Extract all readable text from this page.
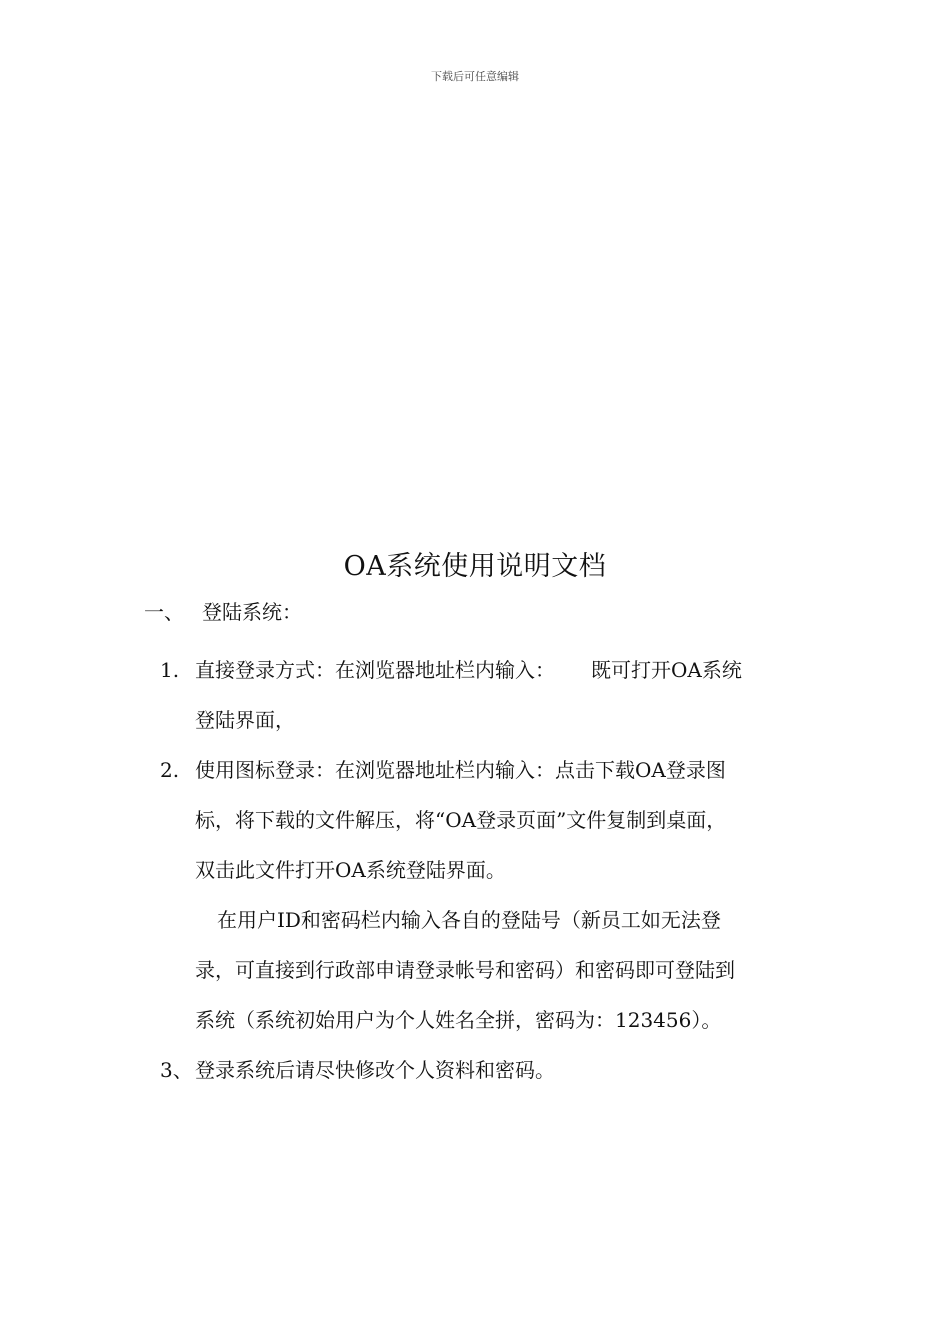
下载后可任意编辑
OA系统使用说明文档
一、 登陆系统：
1. 直接登录方式：在浏览器地址栏内输入： 既可打开OA系统
登陆界面，
2. 使用图标登录：在浏览器地址栏内输入：点击下载OA登录图
标，将下载的文件解压，将“OA登录页面”文件复制到桌面，
双击此文件打开OA系统登陆界面。
在用户ID和密码栏内输入各自的登陆号（新员工如无法登
录，可直接到行政部申请登录帐号和密码）和密码即可登陆到
系统（系统初始用户为个人姓名全拼，密码为：123456）。
3、 登录系统后请尽快修改个人资料和密码。
